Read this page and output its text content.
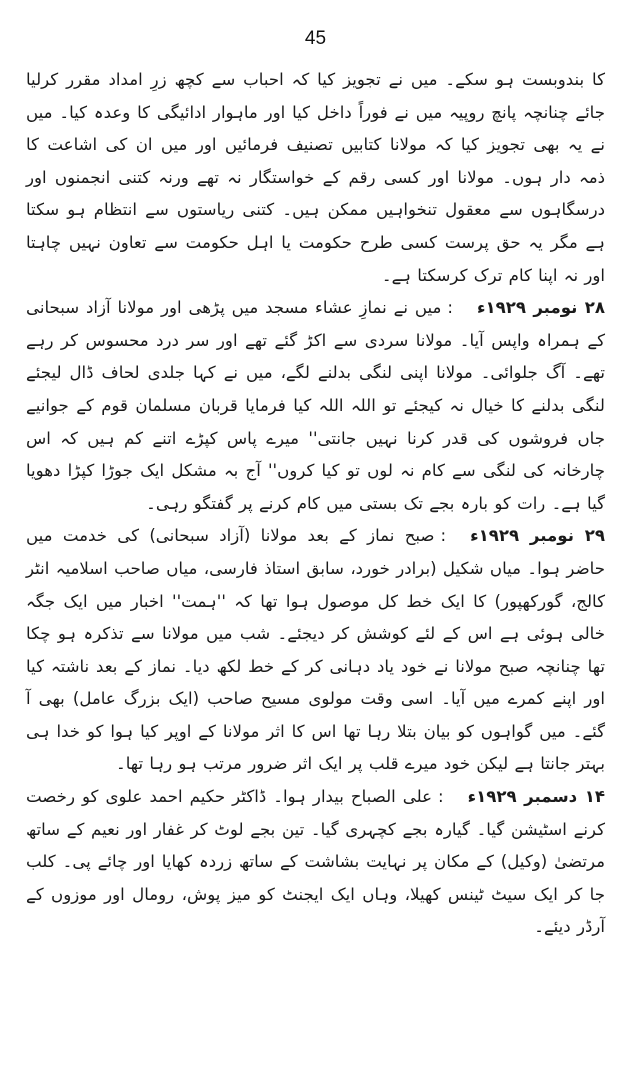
45

کا بندوبست ہو سکے۔ میں نے تجویز کیا کہ احباب سے کچھ زرِ امداد مقرر کرلیا جائے چنانچہ پانچ روپیہ میں نے فوراً داخل کیا اور ماہوار ادائیگی کا وعدہ کیا۔ میں نے یہ بھی تجویز کیا کہ مولانا کتابیں تصنیف فرمائیں اور میں ان کی اشاعت کا ذمہ دار ہوں۔ مولانا اور کسی رقم کے خواستگار نہ تھے ورنہ کتنی انجمنوں اور درسگاہوں سے معقول تنخواہیں ممکن ہیں۔ کتنی ریاستوں سے انتظام ہو سکتا ہے مگر یہ حق پرست کسی طرح حکومت یا اہل حکومت سے تعاون نہیں چاہتا اور نہ اپنا کام ترک کرسکتا ہے۔

۲۸ نومبر ۱۹۲۹ء:میں نے نمازِ عشاء مسجد میں پڑھی اور مولانا آزاد سبحانی کے ہمراہ واپس آیا۔ مولانا سردی سے اکڑ گئے تھے اور سر درد محسوس کر رہے تھے۔ آگ جلوائی۔ مولانا اپنی لنگی بدلنے لگے، میں نے کہا جلدی لحاف ڈال لیجئے لنگی بدلنے کا خیال نہ کیجئے تو اللہ اللہ کیا فرمایا قربان مسلمان قوم کے جوانیے جاں فروشوں کی قدر کرنا نہیں جانتی'' میرے پاس کپڑے اتنے کم ہیں کہ اس چارخانہ کی لنگی سے کام نہ لوں تو کیا کروں'' آج بہ مشکل ایک جوڑا کپڑا دھویا گیا ہے۔ رات کو بارہ بجے تک بستی میں کام کرنے پر گفتگو رہی۔

۲۹ نومبر ۱۹۲۹ء:صبح نماز کے بعد مولانا (آزاد سبحانی) کی خدمت میں حاضر ہوا۔ میاں شکیل (برادر خورد، سابق استاذ فارسی، میاں صاحب اسلامیہ انٹر کالج، گورکھپور) کا ایک خط کل موصول ہوا تھا کہ ''ہمت'' اخبار میں ایک جگہ خالی ہوئی ہے اس کے لئے کوشش کر دیجئے۔ شب میں مولانا سے تذکرہ ہو چکا تھا چنانچہ صبح مولانا نے خود یاد دہانی کر کے خط لکھ دیا۔ نماز کے بعد ناشتہ کیا اور اپنے کمرے میں آیا۔ اسی وقت مولوی مسیح صاحب (ایک بزرگ عامل) بھی آ گئے۔ میں گواہوں کو بیان بتلا رہا تھا اس کا اثر مولانا کے اوپر کیا ہوا کو خدا ہی بہتر جانتا ہے لیکن خود میرے قلب پر ایک اثر ضرور مرتب ہو رہا تھا۔

۱۴ دسمبر ۱۹۲۹ء:علی الصباح بیدار ہوا۔ ڈاکٹر حکیم احمد علوی کو رخصت کرنے اسٹیشن گیا۔ گیارہ بجے کچہری گیا۔ تین بجے لوٹ کر غفار اور نعیم کے ساتھ مرتضیٰ (وکیل) کے مکان پر نہایت بشاشت کے ساتھ زردہ کھایا اور چائے پی۔ کلب جا کر ایک سیٹ ٹینس کھیلا، وہاں ایک ایجنٹ کو میز پوش، رومال اور موزوں کے آرڈر دیئے۔
